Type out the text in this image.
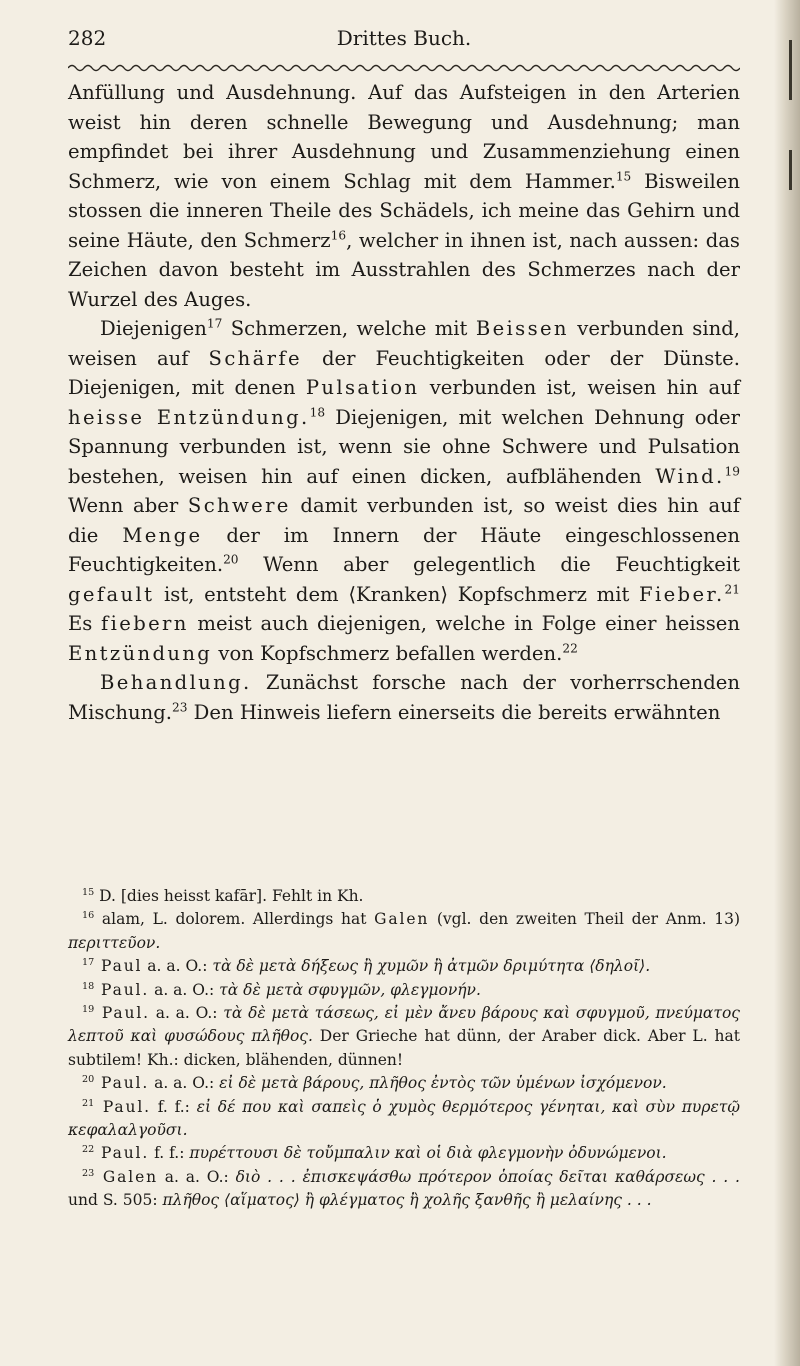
282	Drittes Buch.

Anfüllung und Ausdehnung. Auf das Aufsteigen in den Arterien weist hin deren schnelle Bewegung und Ausdehnung; man empfindet bei ihrer Ausdehnung und Zusammenziehung einen Schmerz, wie von einem Schlag mit dem Hammer.$^{15}$ Bisweilen stossen die inneren Theile des Schädels, ich meine das Gehirn und seine Häute, den Schmerz$^{16}$, welcher in ihnen ist, nach aussen: das Zeichen davon besteht im Ausstrahlen des Schmerzes nach der Wurzel des Auges.

Diejenigen$^{17}$ Schmerzen, welche mit Beissen verbunden sind, weisen auf Schärfe der Feuchtigkeiten oder der Dünste. Diejenigen, mit denen Pulsation verbunden ist, weisen hin auf heisse Entzündung.$^{18}$ Diejenigen, mit welchen Dehnung oder Spannung verbunden ist, wenn sie ohne Schwere und Pulsation bestehen, weisen hin auf einen dicken, aufblähenden Wind.$^{19}$ Wenn aber Schwere damit verbunden ist, so weist dies hin auf die Menge der im Innern der Häute eingeschlossenen Feuchtigkeiten.$^{20}$ Wenn aber gelegentlich die Feuchtigkeit gefault ist, entsteht dem ⟨Kranken⟩ Kopfschmerz mit Fieber.$^{21}$ Es fiebern meist auch diejenigen, welche in Folge einer heissen Entzündung von Kopfschmerz befallen werden.$^{22}$

Behandlung. Zunächst forsche nach der vorherrschenden Mischung.$^{23}$ Den Hinweis liefern einerseits die bereits erwähnten

$^{15}$ D. [dies heisst kafār]. Fehlt in Kh.

$^{16}$ alam, L. dolorem. Allerdings hat Galen (vgl. den zweiten Theil der Anm. 13) περιττεῦον.

$^{17}$ Paul a. a. O.: τὰ δὲ μετὰ δήξεως ἢ χυμῶν ἢ ἀτμῶν δριμύτητα ⟨δηλοῖ⟩.

$^{18}$ Paul. a. a. O.: τὰ δὲ μετὰ σφυγμῶν, φλεγμονήν.

$^{19}$ Paul. a. a. O.: τὰ δὲ μετὰ τάσεως, εἰ μὲν ἄνευ βάρους καὶ σφυγμοῦ, πνεύματος λεπτοῦ καὶ φυσώδους πλῆθος. Der Grieche hat dünn, der Araber dick. Aber L. hat subtilem! Kh.: dicken, blähenden, dünnen!

$^{20}$ Paul. a. a. O.: εἰ δὲ μετὰ βάρους, πλῆθος ἐντὸς τῶν ὑμένων ἰσχόμενον.

$^{21}$ Paul. f. f.: εἰ δέ που καὶ σαπεὶς ὁ χυμὸς θερμότερος γένηται, καὶ σὺν πυρετῷ κεφαλαλγοῦσι.

$^{22}$ Paul. f. f.: πυρέττουσι δὲ τοὔμπαλιν καὶ οἱ διὰ φλεγμονὴν ὀδυνώμενοι.

$^{23}$ Galen a. a. O.: διὸ . . . ἐπισκεψάσθω πρότερον ὁποίας δεῖται καθάρσεως . . . und S. 505: πλῆθος ⟨αἵματος⟩ ἢ φλέγματος ἢ χολῆς ξανθῆς ἢ μελαίνης . . .
